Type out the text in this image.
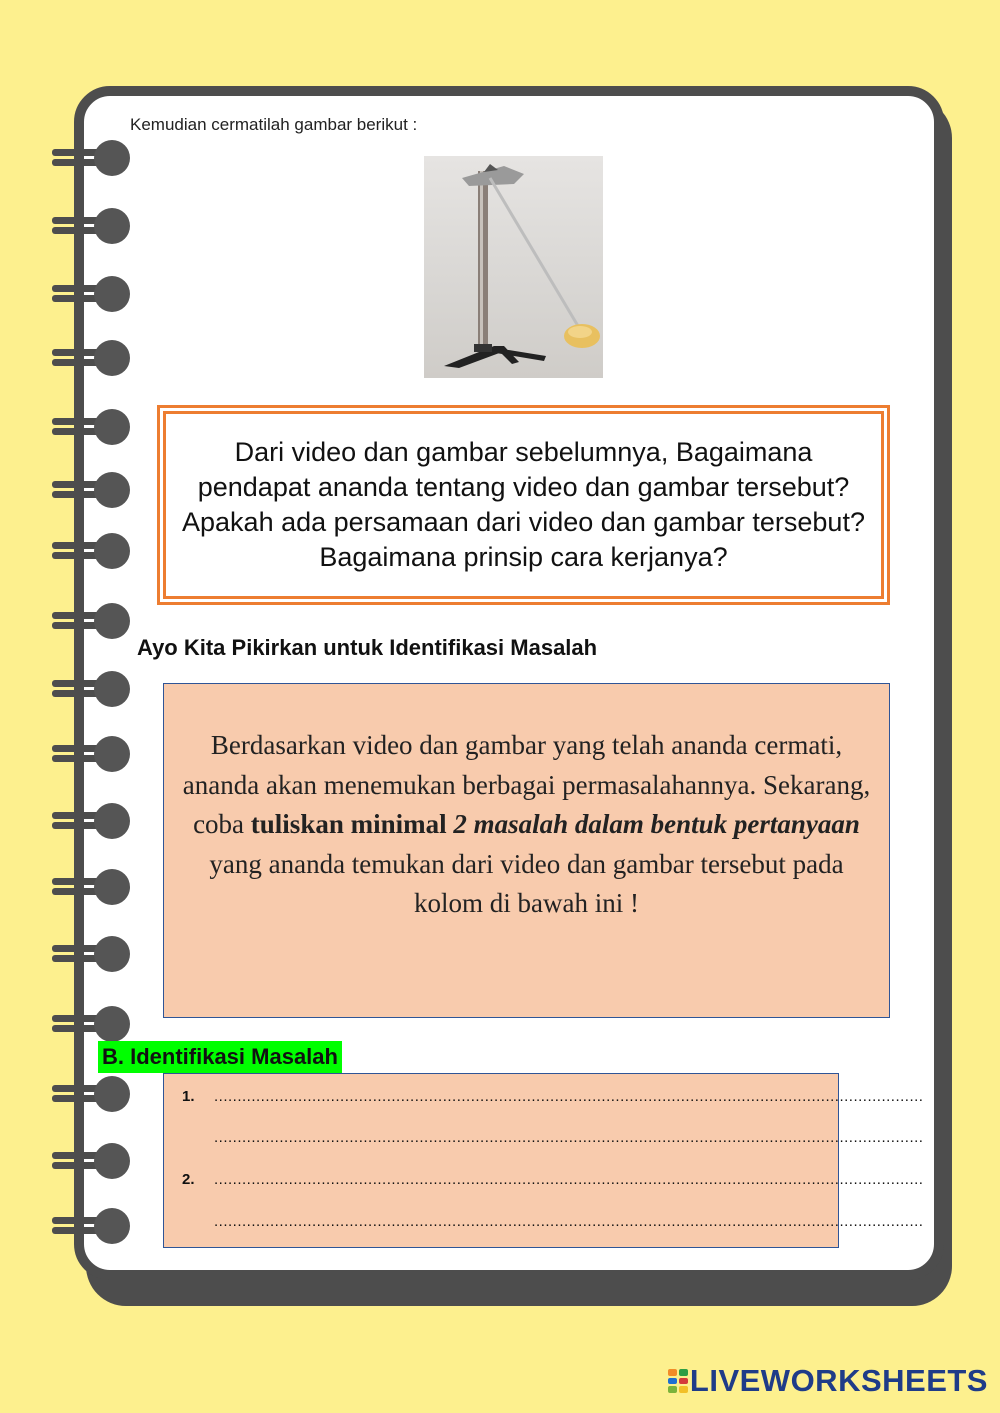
Kemudian cermatilah gambar berikut :
Dari video dan gambar sebelumnya, Bagaimana pendapat ananda tentang video dan gambar tersebut? Apakah ada persamaan dari video dan gambar tersebut? Bagaimana prinsip cara kerjanya?
Ayo Kita Pikirkan untuk Identifikasi Masalah
Berdasarkan video dan gambar yang telah ananda cermati, ananda akan menemukan berbagai permasalahannya. Sekarang, coba tuliskan minimal 2 masalah dalam bentuk pertanyaan yang ananda temukan dari video dan gambar tersebut pada kolom di bawah ini !
B. Identifikasi Masalah
1. ........................................................................................................................................................
........................................................................................................................................................
2. ........................................................................................................................................................
........................................................................................................................................................
LIVEWORKSHEETS
